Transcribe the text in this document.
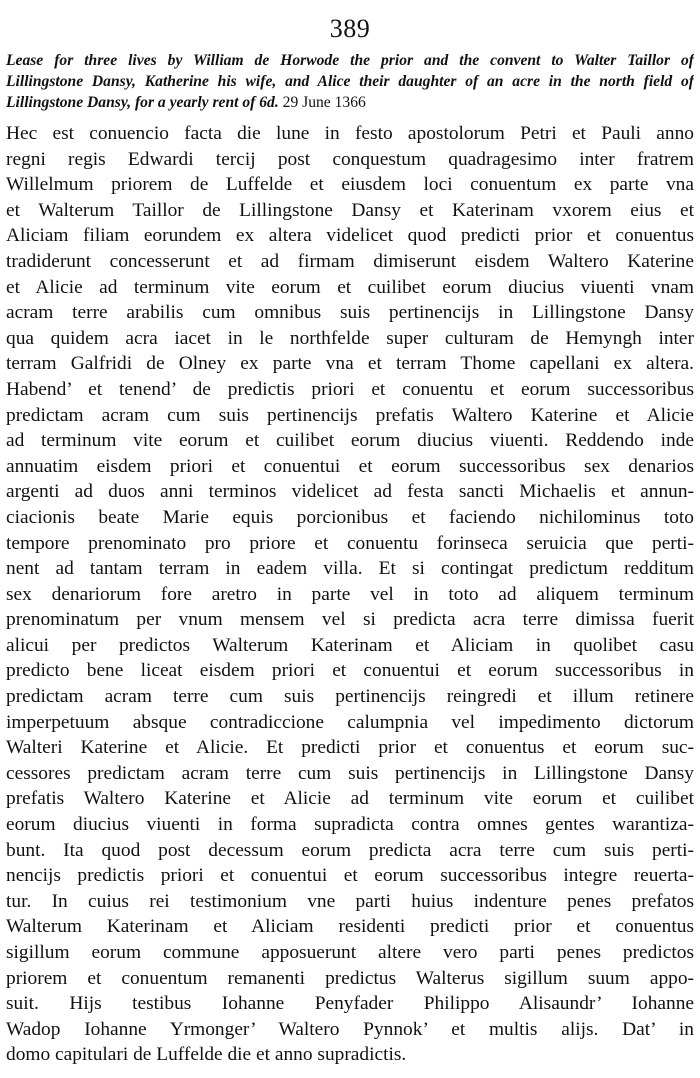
389
Lease for three lives by William de Horwode the prior and the convent to Walter Taillor of
Lillingstone Dansy, Katherine his wife, and Alice their daughter of an acre in the north field of
Lillingstone Dansy, for a yearly rent of 6d. 29 June 1366

Hec est conuencio facta die lune in festo apostolorum Petri et Pauli anno
regni regis Edwardi tercij post conquestum quadragesimo inter fratrem
Willelmum priorem de Luffelde et eiusdem loci conuentum ex parte vna

et Walterum Taillor de Lillingstone Dansy et Katerinam vxorem eius et
Aliciam filiam eorundem ex altera videlicet quod predicti prior et conuentus
tradiderunt concesserunt et ad firmam dimiserunt eisdem Waltero Katerine
et Alicie ad terminum vite eorum et cuilibet eorum diucius viuenti vnam
acram terre arabilis cum omnibus suis pertinencijs in Lillingstone Dansy
qua quidem acra iacet in le northfelde super culturam de Hemyngh inter
terram Galfridi de Olney ex parte vna et terram Thome capellani ex altera.
Habend’ et tenend’ de predictis priori et conuentu et eorum successoribus
predictam acram cum suis pertinencijs prefatis Waltero Katerine et Alicie
ad terminum vite eorum et cuilibet eorum diucius viuenti. Reddendo inde
annuatim eisdem priori et conuentui et eorum successoribus sex denarios
argenti ad duos anni terminos videlicet ad festa sancti Michaelis et annun-
ciacionis beate Marie equis porcionibus et faciendo nichilominus toto
tempore prenominato pro priore et conuentu forinseca seruicia que perti-
nent ad tantam terram in eadem villa. Et si contingat predictum redditum
sex denariorum fore aretro in parte vel in toto ad aliquem terminum
prenominatum per vnum mensem vel si predicta acra terre dimissa fuerit
alicui per predictos Walterum Katerinam et Aliciam in quolibet casu
predicto bene liceat eisdem priori et conuentui et eorum successoribus in
predictam acram terre cum suis pertinencijs reingredi et illum retinere
imperpetuum absque contradiccione calumpnia vel impedimento dictorum
Walteri Katerine et Alicie. Et predicti prior et conuentus et eorum suc-
cessores predictam acram terre cum suis pertinencijs in Lillingstone Dansy
prefatis Waltero Katerine et Alicie ad terminum vite eorum et cuilibet
eorum diucius viuenti in forma supradicta contra omnes gentes warantiza-
bunt. Ita quod post decessum eorum predicta acra terre cum suis perti-
nencijs predictis priori et conuentui et eorum successoribus integre reuerta-
tur. In cuius rei testimonium vne parti huius indenture penes prefatos
Walterum Katerinam et Aliciam residenti predicti prior et conuentus
sigillum eorum commune apposuerunt altere vero parti penes predictos
priorem et conuentum remanenti predictus Walterus sigillum suum appo-
suit. Hijs testibus Iohanne Penyfader Philippo Alisaundr’ Iohanne
Wadop Iohanne Yrmonger’ Waltero Pynnok’ et multis alijs. Dat’ in
domo capitulari de Luffelde die et anno supradictis.
